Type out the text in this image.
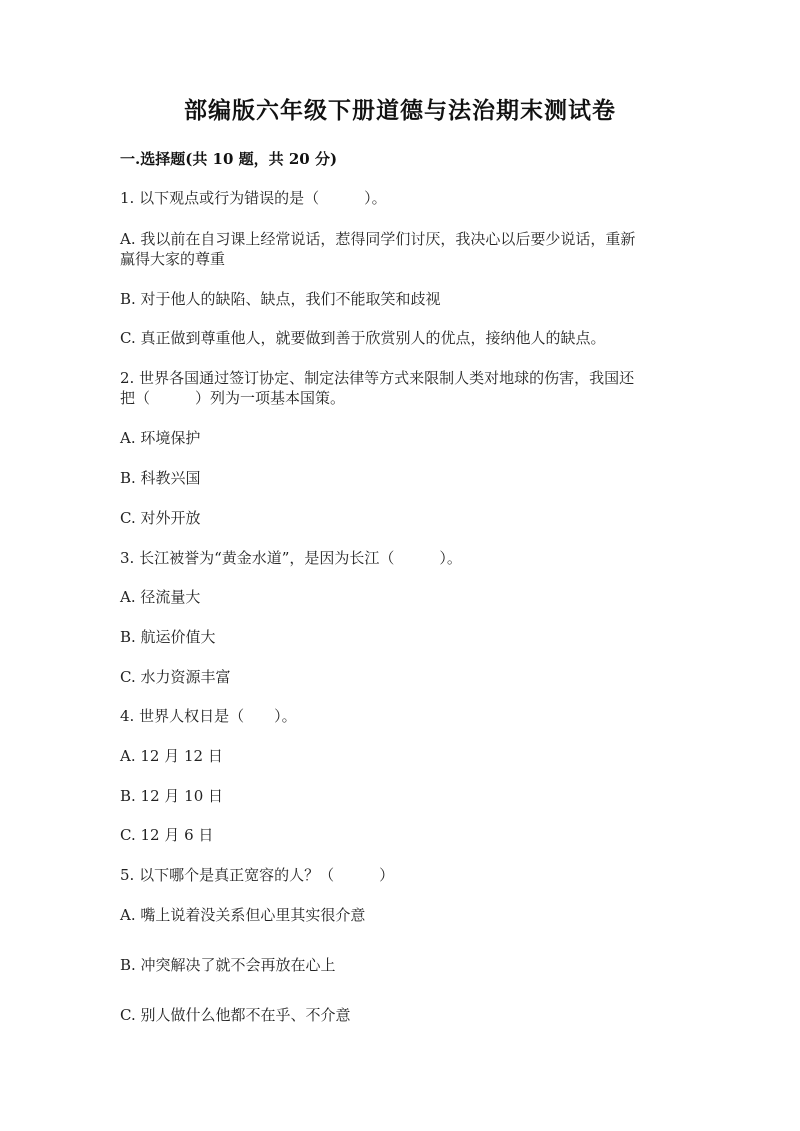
部编版六年级下册道德与法治期末测试卷
一.选择题(共 10 题，共 20 分)
1. 以下观点或行为错误的是（　　　）。
A. 我以前在自习课上经常说话，惹得同学们讨厌，我决心以后要少说话，重新
赢得大家的尊重
B. 对于他人的缺陷、缺点，我们不能取笑和歧视
C. 真正做到尊重他人，就要做到善于欣赏别人的优点，接纳他人的缺点。
2. 世界各国通过签订协定、制定法律等方式来限制人类对地球的伤害，我国还
把（　　　）列为一项基本国策。
A. 环境保护
B. 科教兴国
C. 对外开放
3. 长江被誉为“黄金水道”，是因为长江（　　　）。
A. 径流量大
B. 航运价值大
C. 水力资源丰富
4. 世界人权日是（　　）。
A. 12 月 12 日
B. 12 月 10 日
C. 12 月 6 日
5. 以下哪个是真正宽容的人？（　　　）
A. 嘴上说着没关系但心里其实很介意
B. 冲突解决了就不会再放在心上
C. 别人做什么他都不在乎、不介意
